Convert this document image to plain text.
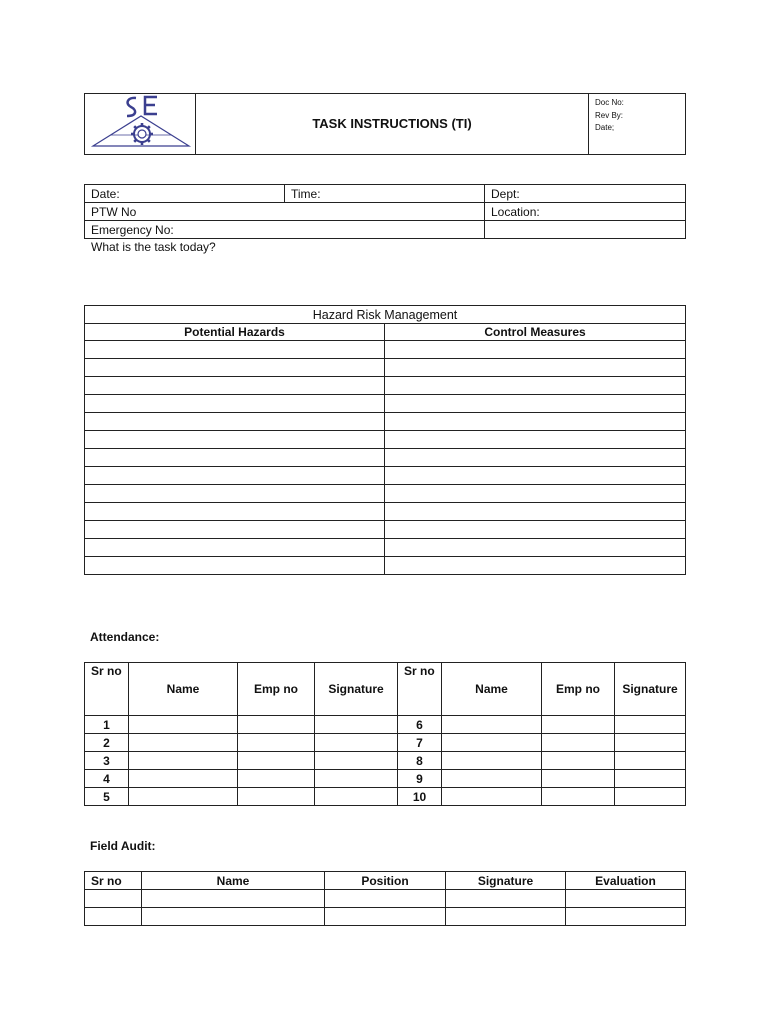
	TASK INSTRUCTIONS (TI)	
Doc No:
Rev By:
Date;
Date:	Time:	Dept:
PTW No		Location:
Emergency No:		
What is the task today?
Hazard Risk Management	
Potential Hazards	Control Measures

Attendance:
Sr no	Name	Emp no	Signature	Sr no	Name	Emp no	Signature
1				6			
2				7			
3				8			
4				9			
5				10			
Field Audit:
Sr no	Name	Position	Signature	Evaluation
